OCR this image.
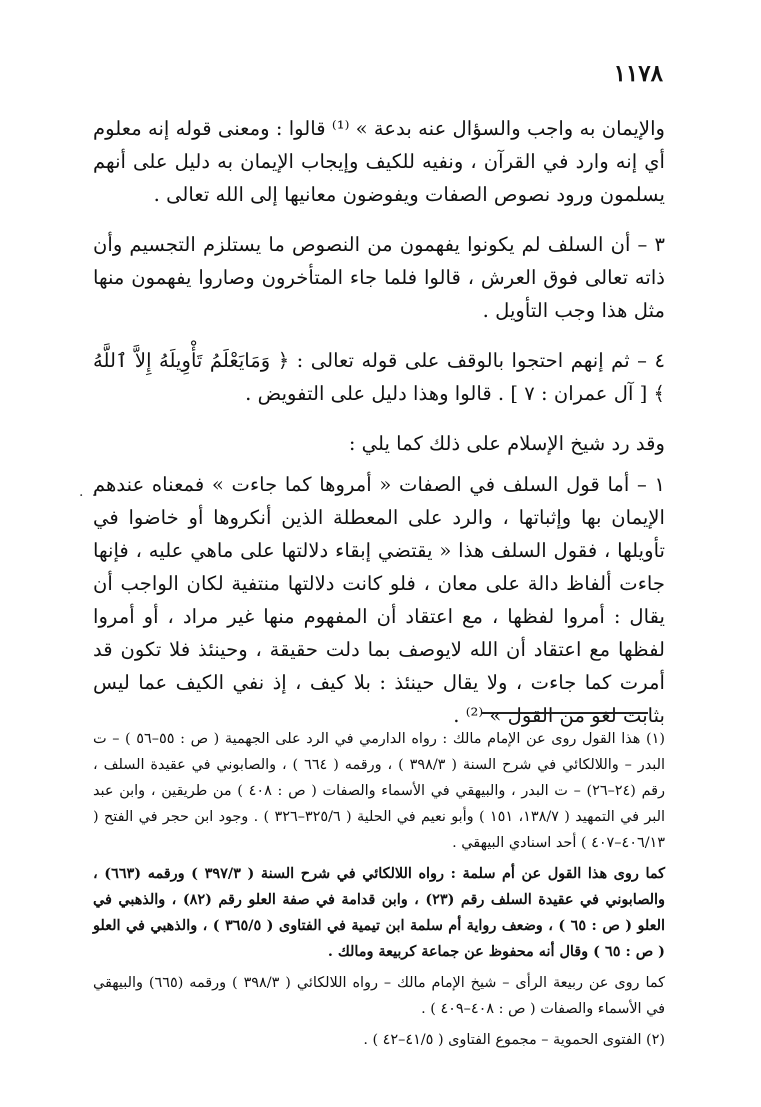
١١٧٨

والإيمان به واجب والسؤال عنه بدعة » ⁽¹⁾ قالوا : ومعنى قوله إنه معلوم أي إنه وارد في القرآن ، ونفيه للكيف وإيجاب الإيمان به دليل على أنهم يسلمون ورود نصوص الصفات ويفوضون معانيها إلى الله تعالى .

٣ – أن السلف لم يكونوا يفهمون من النصوص ما يستلزم التجسيم وأن ذاته تعالى فوق العرش ، قالوا فلما جاء المتأخرون وصاروا يفهمون منها مثل هذا وجب التأويل .

٤ – ثم إنهم احتجوا بالوقف على قوله تعالى : ﴿ وَمَايَعْلَمُ تَأْوِيلَهُ إِلاَّ ٱللَّهُ ﴾ [ آل عمران : ٧ ] . قالوا وهذا دليل على التفويض .

وقد رد شيخ الإسلام على ذلك كما يلي :

١ – أما قول السلف في الصفات « أمروها كما جاءت » فمعناه عندهم الإيمان بها وإثباتها ، والرد على المعطلة الذين أنكروها أو خاضوا في تأويلها ، فقول السلف هذا « يقتضي إبقاء دلالتها على ماهي عليه ، فإنها جاءت ألفاظ دالة على معان ، فلو كانت دلالتها منتفية لكان الواجب أن يقال : أمروا لفظها ، مع اعتقاد أن المفهوم منها غير مراد ، أو أمروا لفظها مع اعتقاد أن الله لايوصف بما دلت حقيقة ، وحينئذ فلا تكون قد أمرت كما جاءت ، ولا يقال حينئذ : بلا كيف ، إذ نفي الكيف عما ليس بثابت لغو من القول » ⁽²⁾ .

· ·

(١) هذا القول روى عن الإمام مالك : رواه الدارمي في الرد على الجهمية ( ص : ٥٥–٥٦ ) – ت البدر – واللالكائي في شرح السنة ( ٣٩٨/٣ ) ، ورقمه ( ٦٦٤ ) ، والصابوني في عقيدة السلف ، رقم (٢٤–٢٦) – ت البدر ، والبيهقي في الأسماء والصفات ( ص : ٤٠٨ ) من طريقين ، وابن عبد البر في التمهيد ( ١٣٨/٧، ١٥١ ) وأبو نعيم في الحلية ( ٣٢٥/٦–٣٢٦ ) . وجود ابن حجر في الفتح ( ٤٠٦/١٣–٤٠٧ ) أحد اسنادي البيهقي .

كما روى هذا القول عن أم سلمة : رواه اللالكائي في شرح السنة ( ٣٩٧/٣ ) ورقمه (٦٦٣) ، والصابوني في عقيدة السلف رقم (٢٣) ، وابن قدامة في صفة العلو رقم (٨٢) ، والذهبي في العلو ( ص : ٦٥ ) ، وضعف رواية أم سلمة ابن تيمية في الفتاوى ( ٣٦٥/٥ ) ، والذهبي في العلو ( ص : ٦٥ ) وقال أنه محفوظ عن جماعة كربيعة ومالك .

كما روى عن ربيعة الرأى – شيخ الإمام مالك – رواه اللالكائي ( ٣٩٨/٣ ) ورقمه (٦٦٥) والبيهقي في الأسماء والصفات ( ص : ٤٠٨–٤٠٩ ) .

(٢) الفتوى الحموية – مجموع الفتاوى ( ٤١/٥–٤٢ ) .
